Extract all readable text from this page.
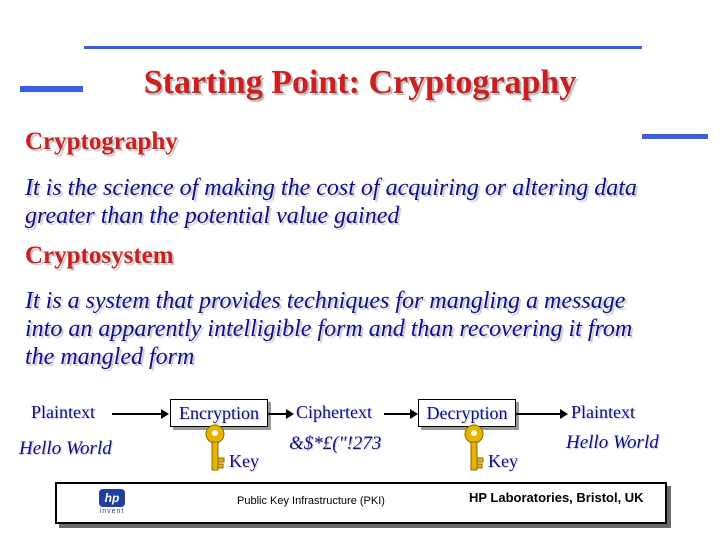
Starting Point: Cryptography
Cryptography
It is the science of making the cost of acquiring or altering data greater than the potential value gained
Cryptosystem
It is a system that provides techniques for mangling a message into an apparently intelligible form and than recovering it from the mangled form
Plaintext
Hello World
Encryption
Key
Ciphertext
&$*£("!273
Decryption
Key
Plaintext
Hello World
hp
invent
Public Key Infrastructure (PKI)	HP Laboratories, Bristol, UK
